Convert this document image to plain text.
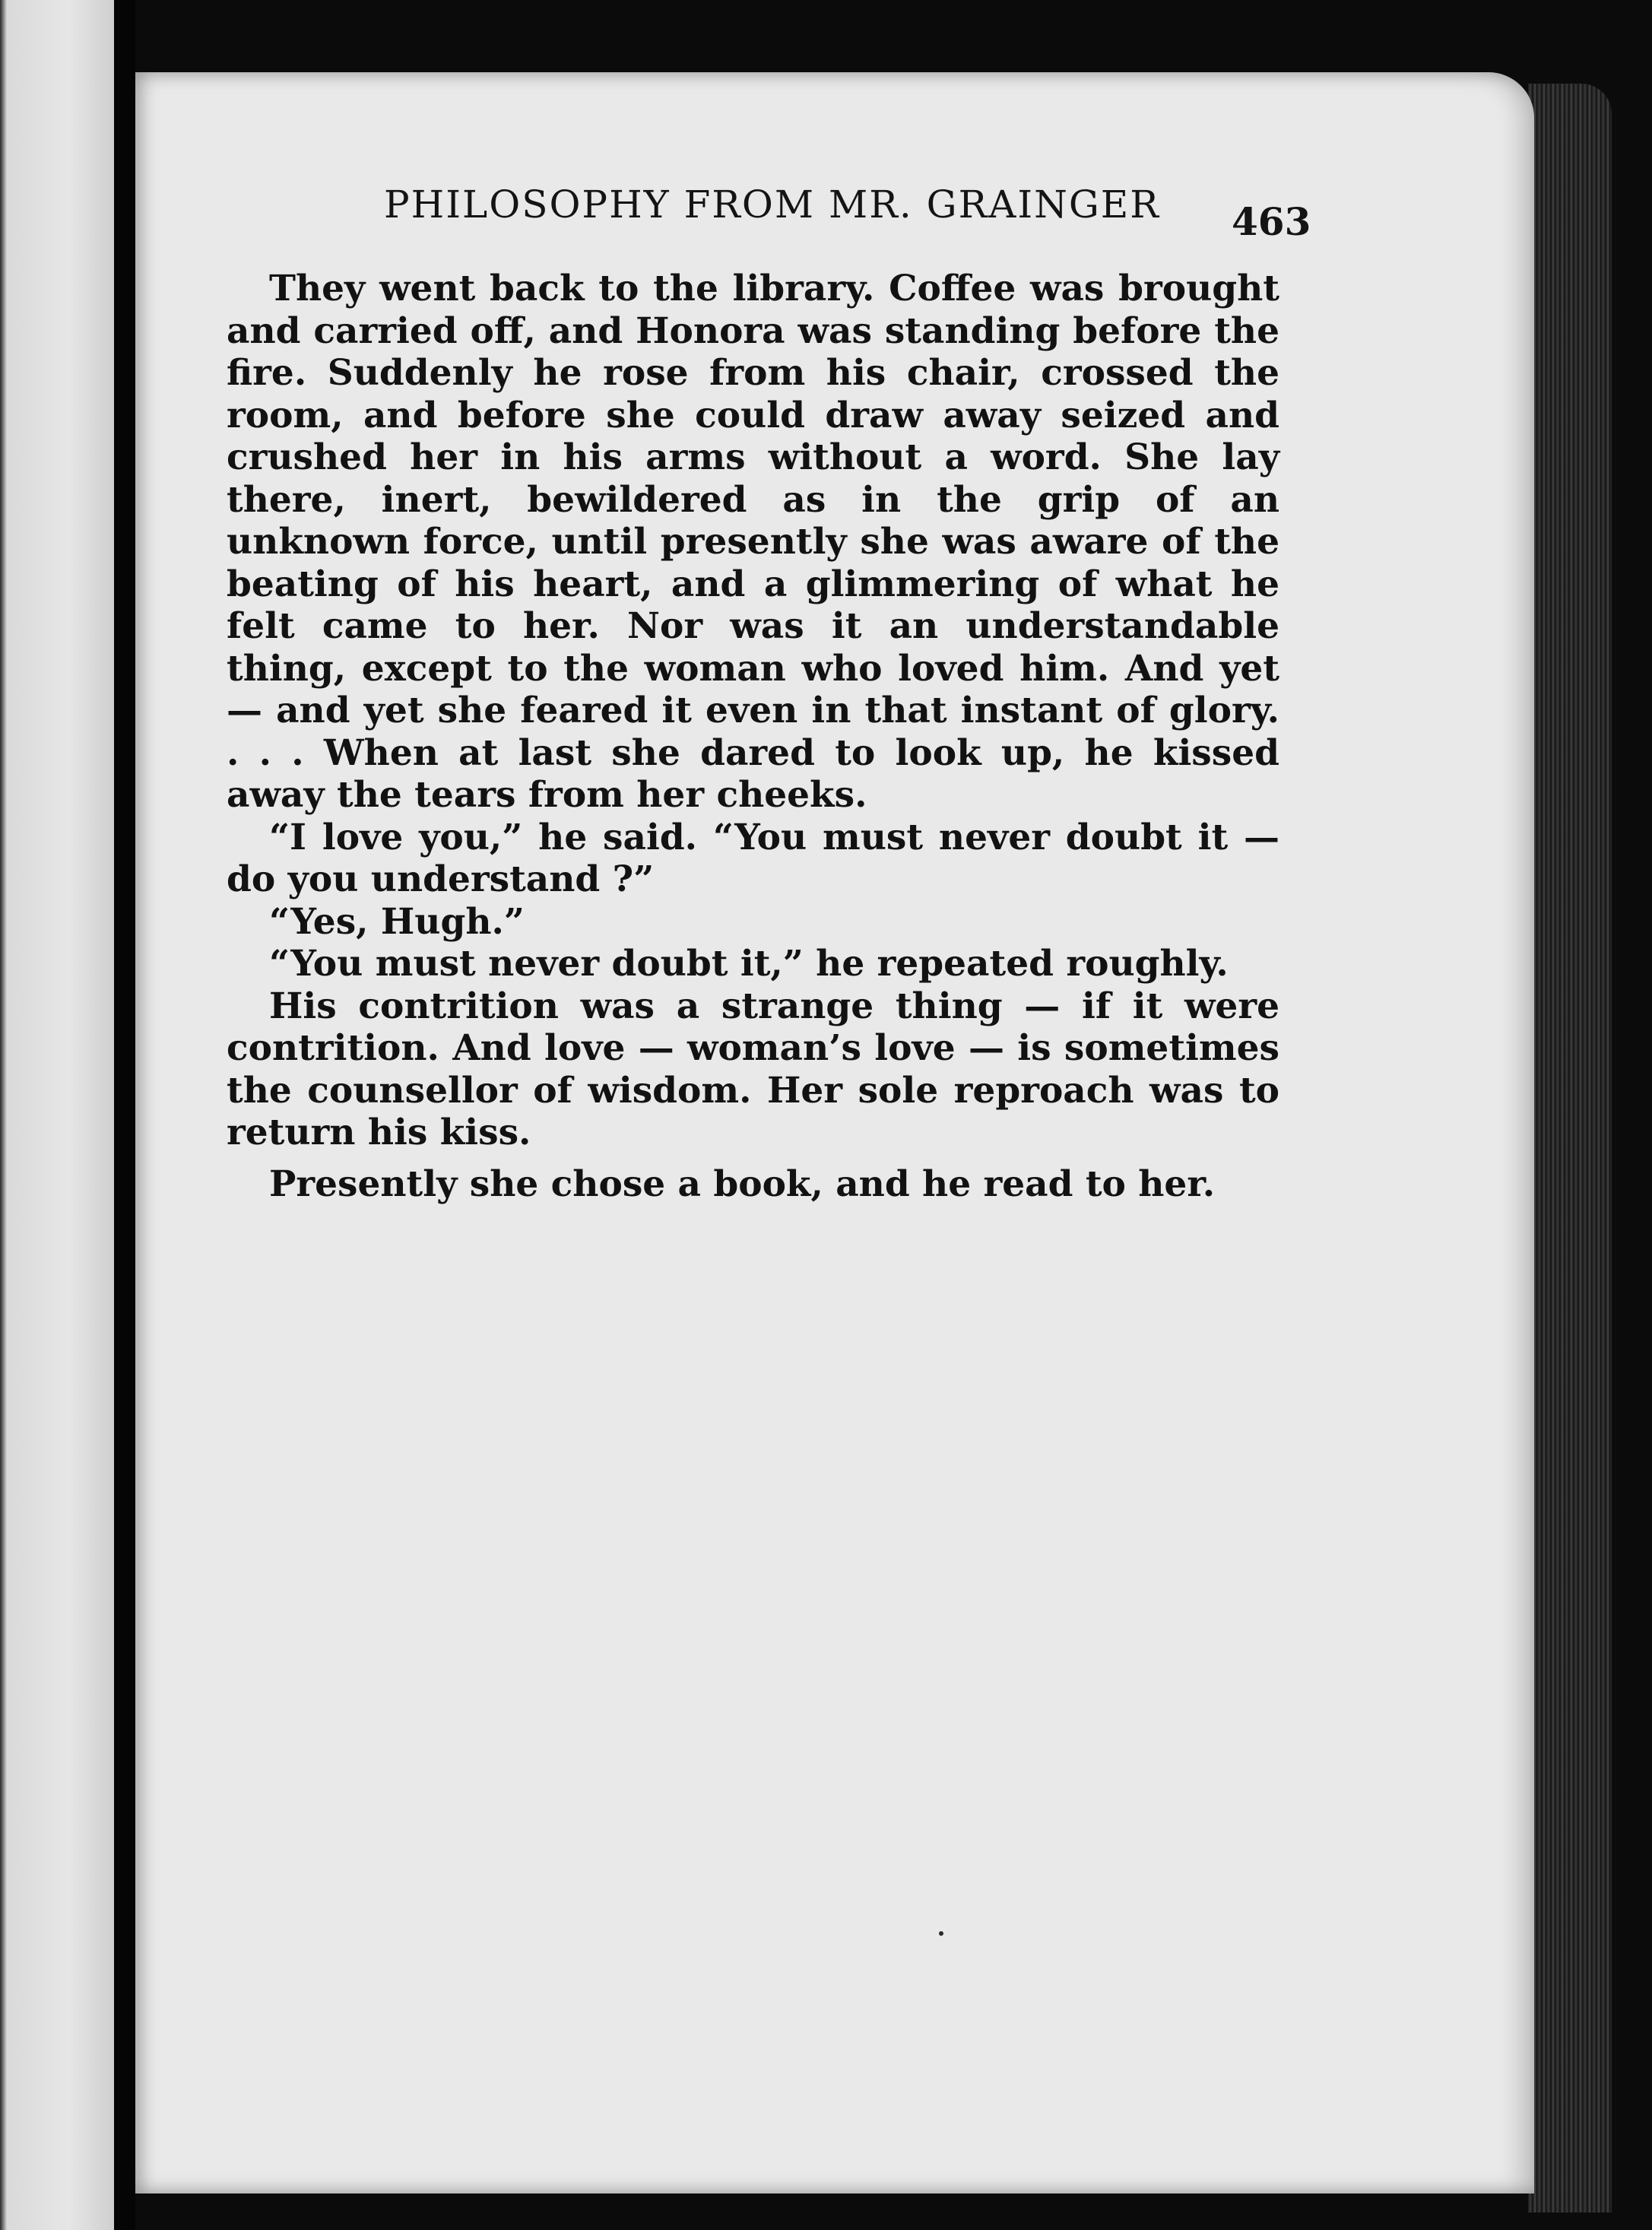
PHILOSOPHY FROM MR. GRAINGER	463

They went back to the library. Coffee was brought and carried off, and Honora was standing before the fire. Suddenly he rose from his chair, crossed the room, and before she could draw away seized and crushed her in his arms without a word. She lay there, inert, bewildered as in the grip of an unknown force, until presently she was aware of the beating of his heart, and a glimmering of what he felt came to her. Nor was it an understandable thing, except to the woman who loved him. And yet — and yet she feared it even in that instant of glory. . . . When at last she dared to look up, he kissed away the tears from her cheeks.

“I love you,” he said. “You must never doubt it — do you understand ?”

“Yes, Hugh.”

“You must never doubt it,” he repeated roughly.

His contrition was a strange thing — if it were contrition. And love — woman’s love — is sometimes the counsellor of wisdom. Her sole reproach was to return his kiss.

Presently she chose a book, and he read to her.
